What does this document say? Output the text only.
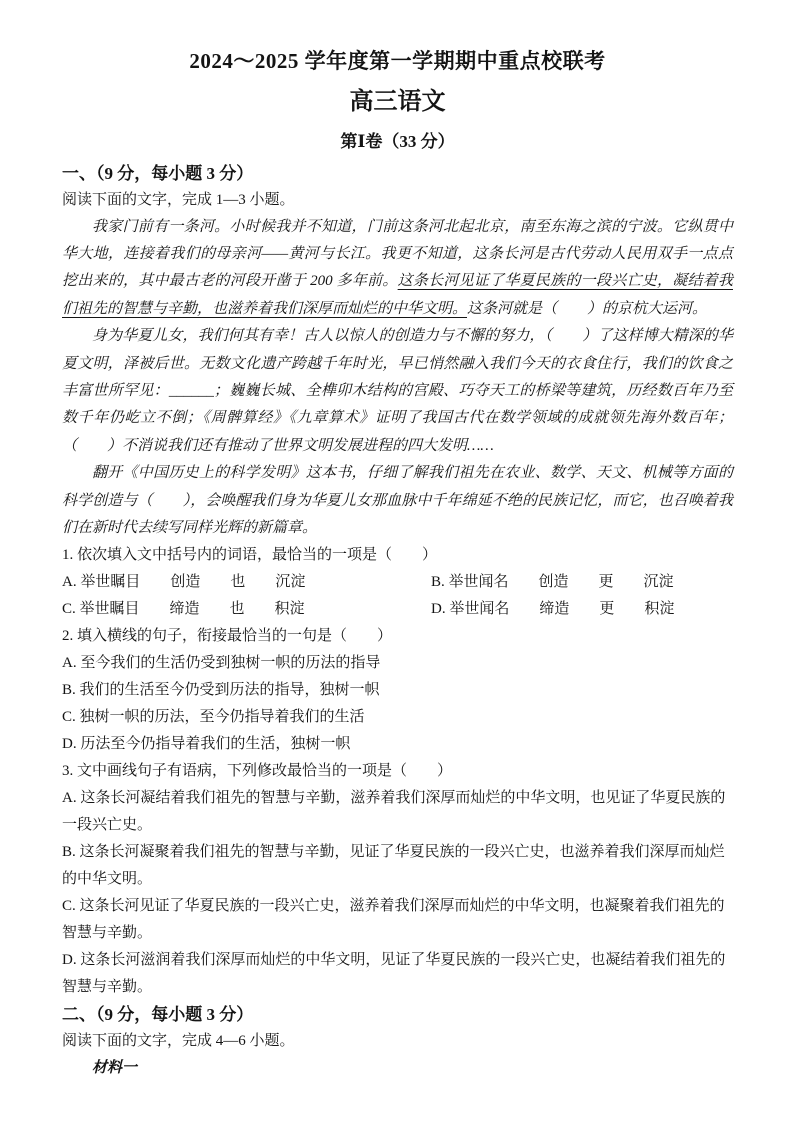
2024～2025 学年度第一学期期中重点校联考
高三语文
第Ⅰ卷（33 分）
一、（9 分，每小题 3 分）

阅读下面的文字，完成 1—3 小题。

我家门前有一条河。小时候我并不知道，门前这条河北起北京，南至东海之滨的宁波。它纵贯中华大地，连接着我们的母亲河——黄河与长江。我更不知道，这条长河是古代劳动人民用双手一点点挖出来的，其中最古老的河段开凿于 200 多年前。这条长河见证了华夏民族的一段兴亡史，凝结着我们祖先的智慧与辛勤，也滋养着我们深厚而灿烂的中华文明。这条河就是（　　）的京杭大运河。

身为华夏儿女，我们何其有幸！古人以惊人的创造力与不懈的努力，（　　）了这样博大精深的华夏文明，泽被后世。无数文化遗产跨越千年时光，早已悄然融入我们今天的衣食住行，我们的饮食之丰富世所罕见：______；巍巍长城、全榫卯木结构的宫殿、巧夺天工的桥梁等建筑，历经数百年乃至数千年仍屹立不倒；《周髀算经》《九章算术》证明了我国古代在数学领域的成就领先海外数百年；（　　）不消说我们还有推动了世界文明发展进程的四大发明……

翻开《中国历史上的科学发明》这本书，仔细了解我们祖先在农业、数学、天文、机械等方面的科学创造与（　　），会唤醒我们身为华夏儿女那血脉中千年绵延不绝的民族记忆，而它，也召唤着我们在新时代去续写同样光辉的新篇章。

1. 依次填入文中括号内的词语，最恰当的一项是（　　）

A. 举世瞩目　　创造　　也　　沉淀	B. 举世闻名　　创造　　更　　沉淀

C. 举世瞩目　　缔造　　也　　积淀	D. 举世闻名　　缔造　　更　　积淀

2. 填入横线的句子，衔接最恰当的一句是（　　）

A. 至今我们的生活仍受到独树一帜的历法的指导

B. 我们的生活至今仍受到历法的指导，独树一帜

C. 独树一帜的历法，至今仍指导着我们的生活

D. 历法至今仍指导着我们的生活，独树一帜

3. 文中画线句子有语病，下列修改最恰当的一项是（　　）

A. 这条长河凝结着我们祖先的智慧与辛勤，滋养着我们深厚而灿烂的中华文明，也见证了华夏民族的一段兴亡史。

B. 这条长河凝聚着我们祖先的智慧与辛勤，见证了华夏民族的一段兴亡史，也滋养着我们深厚而灿烂的中华文明。

C. 这条长河见证了华夏民族的一段兴亡史，滋养着我们深厚而灿烂的中华文明，也凝聚着我们祖先的智慧与辛勤。

D. 这条长河滋润着我们深厚而灿烂的中华文明，见证了华夏民族的一段兴亡史，也凝结着我们祖先的智慧与辛勤。

二、（9 分，每小题 3 分）

阅读下面的文字，完成 4—6 小题。

材料一
